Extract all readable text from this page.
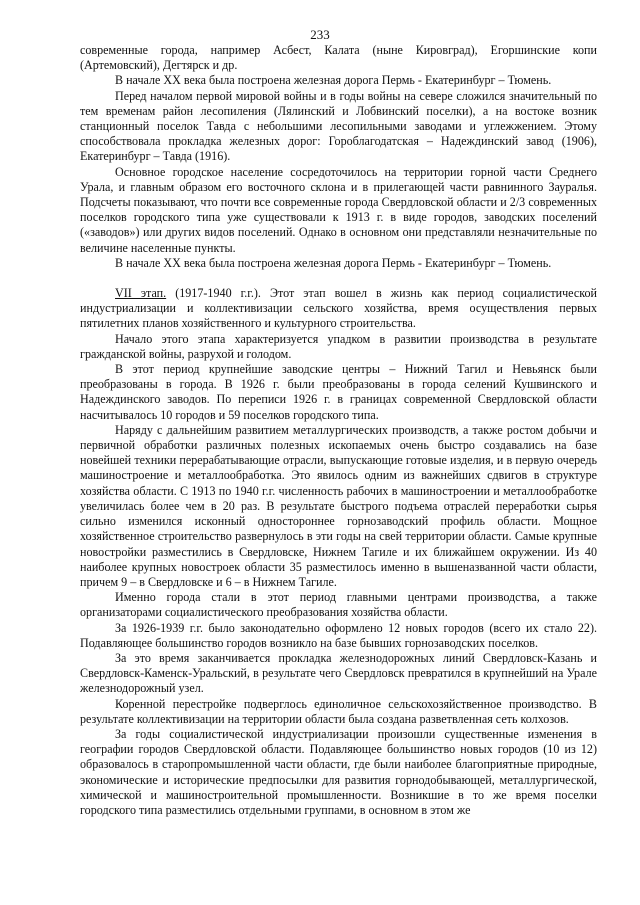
233

современные города, например Асбест, Калата (ныне Кировград), Егоршинские копи (Артемовский), Дегтярск и др.

В начале XX века была построена железная дорога Пермь - Екатеринбург – Тюмень.

Перед началом первой мировой войны и в годы войны на севере сложился значительный по тем временам район лесопиления (Лялинский и Лобвинский поселки), а на востоке возник станционный поселок Тавда с небольшими лесопильными заводами и углежжением. Этому способствовала прокладка железных дорог: Гороблагодатская – Надеждинский завод (1906), Екатеринбург – Тавда (1916).

Основное городское население сосредоточилось на территории горной части Среднего Урала, и главным образом его восточного склона и в прилегающей части равнинного Зауралья. Подсчеты показывают, что почти все современные города Свердловской области и 2/3 современных поселков городского типа уже существовали к 1913 г. в виде городов, заводских поселений («заводов») или других видов поселений. Однако в основном они представляли незначительные по величине населенные пункты.

В начале XX века была построена железная дорога Пермь - Екатеринбург – Тюмень.

VII этап. (1917-1940 г.г.). Этот этап вошел в жизнь как период социалистической индустриализации и коллективизации сельского хозяйства, время осуществления первых пятилетних планов хозяйственного и культурного строительства.

Начало этого этапа характеризуется упадком в развитии производства в результате гражданской войны, разрухой и голодом.

В этот период крупнейшие заводские центры – Нижний Тагил и Невьянск были преобразованы в города. В 1926 г. были преобразованы в города селений Кушвинского и Надеждинского заводов. По переписи 1926 г. в границах современной Свердловской области насчитывалось 10 городов и 59 поселков городского типа.

Наряду с дальнейшим развитием металлургических производств, а также ростом добычи и первичной обработки различных полезных ископаемых очень быстро создавались на базе новейшей техники перерабатывающие отрасли, выпускающие готовые изделия, и в первую очередь машиностроение и металлообработка. Это явилось одним из важнейших сдвигов в структуре хозяйства области. С 1913 по 1940 г.г. численность рабочих в машиностроении и металлообработке увеличилась более чем в 20 раз. В результате быстрого подъема отраслей переработки сырья сильно изменился исконный одностороннее горнозаводский профиль области. Мощное хозяйственное строительство развернулось в эти годы на свей территории области. Самые крупные новостройки разместились в Свердловске, Нижнем Тагиле и их ближайшем окружении. Из 40 наиболее крупных новостроек области 35 разместилось именно в вышеназванной части области, причем 9 – в Свердловске и 6 – в Нижнем Тагиле.

Именно города стали в этот период главными центрами производства, а также организаторами социалистического преобразования хозяйства области.

За 1926-1939 г.г. было законодательно оформлено 12 новых городов (всего их стало 22). Подавляющее большинство городов возникло на базе бывших горнозаводских поселков.

За это время заканчивается прокладка железнодорожных линий Свердловск-Казань и Свердловск-Каменск-Уральский, в результате чего Свердловск превратился в крупнейший на Урале железнодорожный узел.

Коренной перестройке подверглось единоличное сельскохозяйственное производство. В результате коллективизации на территории области была создана разветвленная сеть колхозов.

За годы социалистической индустриализации произошли существенные изменения в географии городов Свердловской области. Подавляющее большинство новых городов (10 из 12) образовалось в старопромышленной части области, где были наиболее благоприятные природные, экономические и исторические предпосылки для развития горнодобывающей, металлургической, химической и машиностроительной промышленности. Возникшие в то же время поселки городского типа разместились отдельными группами, в основном в этом же
